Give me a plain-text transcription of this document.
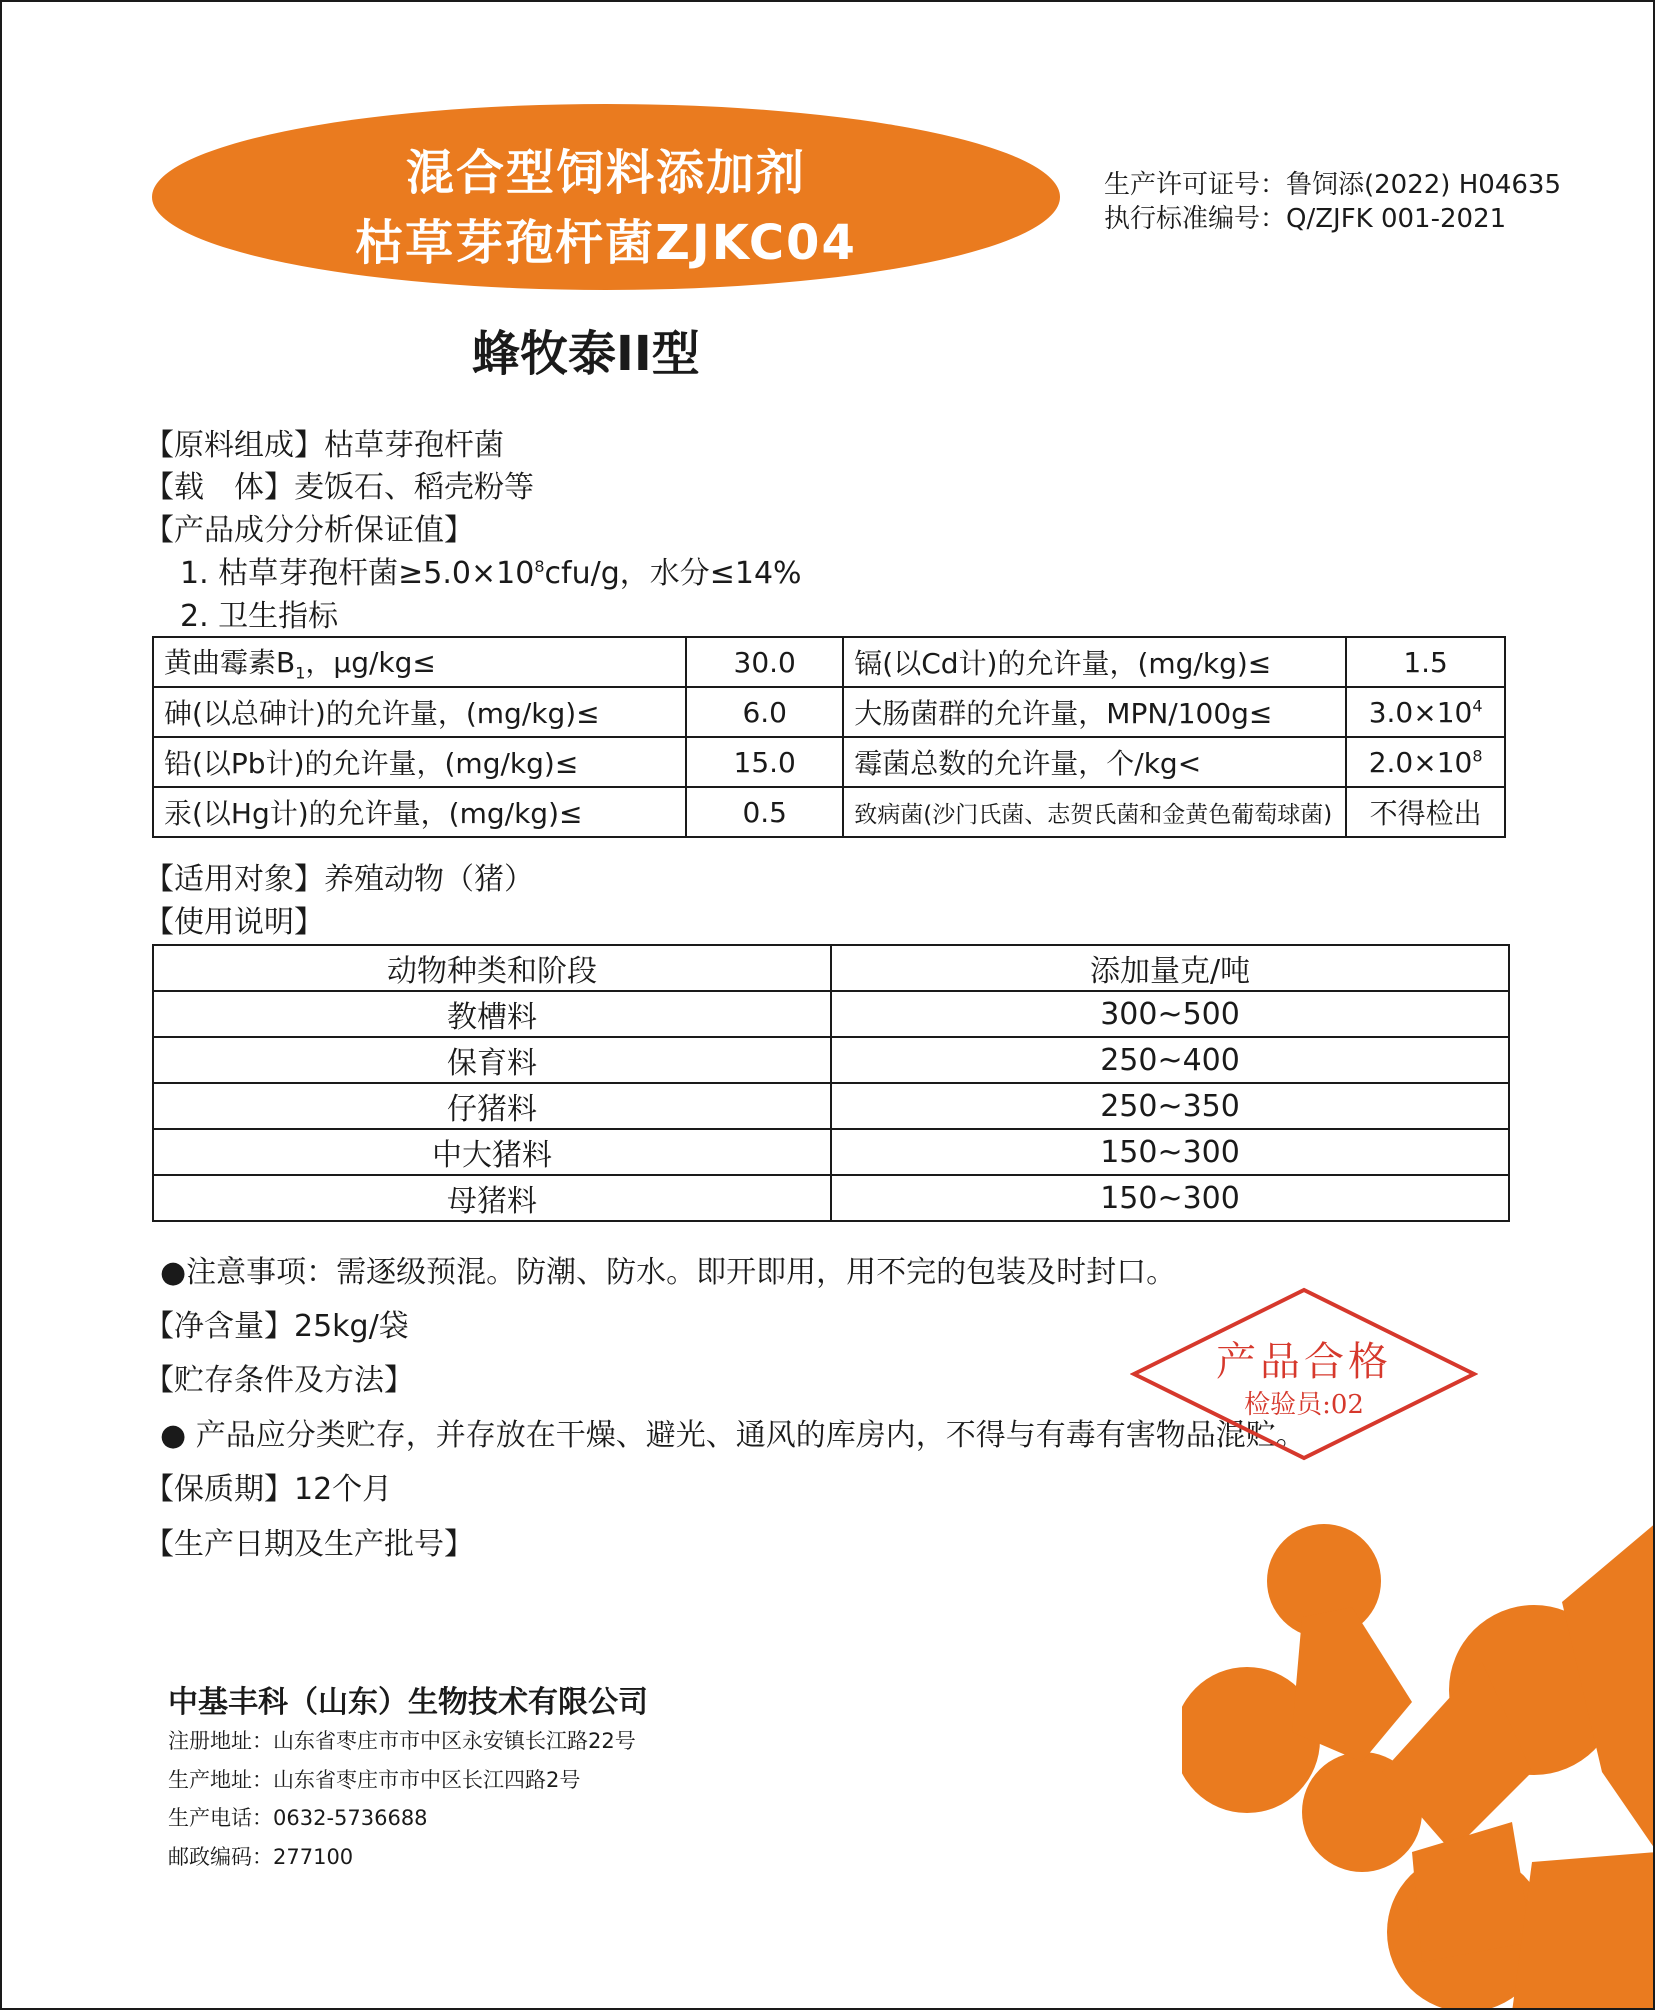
混合型饲料添加剂
枯草芽孢杆菌ZJKC04
生产许可证号：鲁饲添(2022) H04635
执行标准编号：Q/ZJFK 001-2021
蜂牧泰II型
【原料组成】枯草芽孢杆菌
【载　体】麦饭石、稻壳粉等
【产品成分分析保证值】
1. 枯草芽孢杆菌$\ge 5.0\times 10^8cfu/g$，水分≤14%
2. 卫生指标
黄曲霉素$B_1$，μg/kg≤	30.0	镉(以Cd计)的允许量，(mg/kg)≤	1.5
砷(以总砷计)的允许量，(mg/kg)≤	6.0	大肠菌群的允许量，MPN/100g≤	$3.0\times 10^4$
铅(以Pb计)的允许量，(mg/kg)≤	15.0	霉菌总数的允许量，个/kg<	$2.0\times 10^8$
汞(以Hg计)的允许量，(mg/kg)≤	0.5	致病菌(沙门氏菌、志贺氏菌和金黄色葡萄球菌)	不得检出
【适用对象】养殖动物（猪）
【使用说明】
动物种类和阶段	添加量克/吨
教槽料	300~500
保育料	250~400
仔猪料	250~350
中大猪料	150~300
母猪料	150~300
●注意事项：需逐级预混。防潮、防水。即开即用，用不完的包装及时封口。
【净含量】25kg/袋
【贮存条件及方法】
● 产品应分类贮存，并存放在干燥、避光、通风的库房内，不得与有毒有害物品混贮。
【保质期】12个月
【生产日期及生产批号】
产品合格
检验员:02
中基丰科（山东）生物技术有限公司
注册地址：山东省枣庄市市中区永安镇长江路22号
生产地址：山东省枣庄市市中区长江四路2号
生产电话：0632-5736688
邮政编码：277100
